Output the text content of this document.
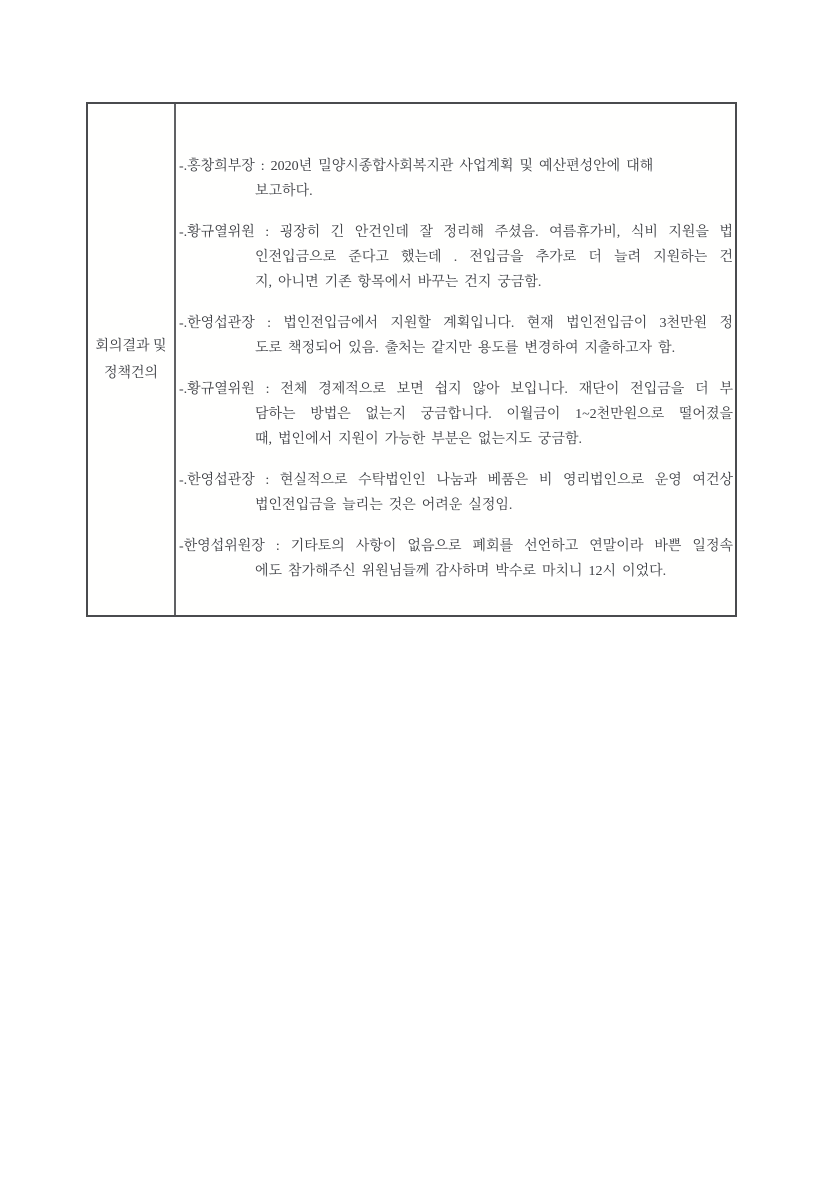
회의결과 및
정책건의
-.홍창희부장 : 2020년 밀양시종합사회복지관 사업계획 및 예산편성안에 대해
보고하다.
-.황규열위원 : 굉장히 긴 안건인데 잘 정리해 주셨음. 여름휴가비, 식비 지원을 법
인전입금으로 준다고 했는데 . 전입금을 추가로 더 늘려 지원하는 건
지, 아니면 기존 항목에서 바꾸는 건지 궁금함.
-.한영섭관장 : 법인전입금에서 지원할 계획입니다. 현재 법인전입금이 3천만원 정
도로 책정되어 있음. 출처는 같지만 용도를 변경하여 지출하고자 함.
-.황규열위원 : 전체 경제적으로 보면 쉽지 않아 보입니다. 재단이 전입금을 더 부
담하는 방법은 없는지 궁금합니다. 이월금이 1~2천만원으로 떨어졌을
때, 법인에서 지원이 가능한 부분은 없는지도 궁금함.
-.한영섭관장 : 현실적으로 수탁법인인 나눔과 베품은 비 영리법인으로 운영 여건상
법인전입금을 늘리는 것은 어려운 실정임.
-한영섭위원장 : 기타토의 사항이 없음으로 폐회를 선언하고 연말이라 바쁜 일정속
에도 참가해주신 위원님들께 감사하며 박수로 마치니 12시 이었다.
